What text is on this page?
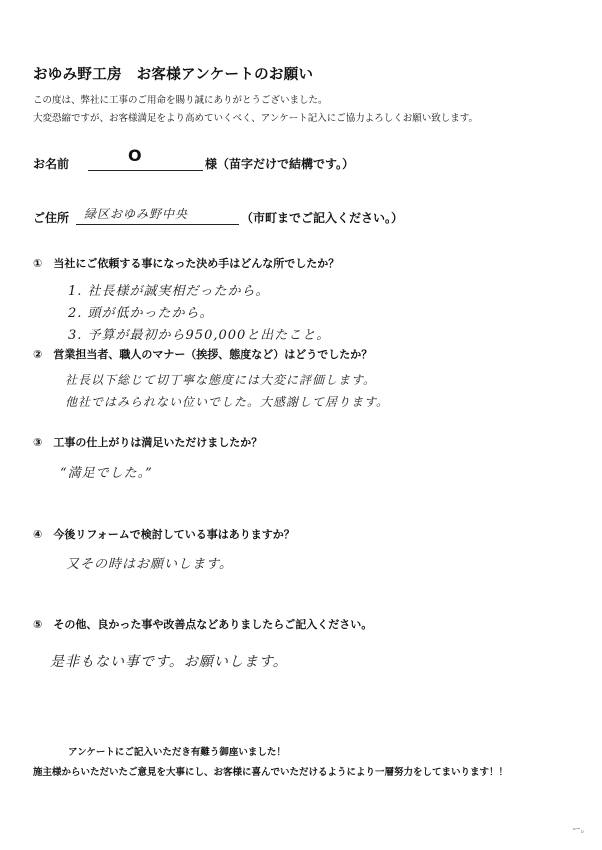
おゆみ野工房　お客様アンケートのお願い
この度は、弊社に工事のご用命を賜り誠にありがとうございました。
大変恐縮ですが、お客様満足をより高めていくべく、アンケート記入にご協力よろしくお願い致します。
お名前	O	様（苗字だけで結構です。）
ご住所 緑区おゆみ野中央	（市町までご記入ください。）
①　当社にご依頼する事になった決め手はどんな所でしたか？
1. 社長様が誠実相だったから。
2. 頭が低かったから。
3. 予算が最初から950,000と出たこと。
②　営業担当者、職人のマナー（挨拶、態度など）はどうでしたか？
社長以下総じて切丁寧な態度には大変に評価します。
他社ではみられない位いでした。大感謝して居ります。
③　工事の仕上がりは満足いただけましたか？
“満足でした。”
④　今後リフォームで検討している事はありますか？
又その時はお願いします。
⑤　その他、良かった事や改善点などありましたらご記入ください。
是非もない事です。お願いします。
アンケートにご記入いただき有難う御座いました！
施主様からいただいたご意見を大事にし、お客様に喜んでいただけるようにより一層努力をしてまいります！！
ー。
